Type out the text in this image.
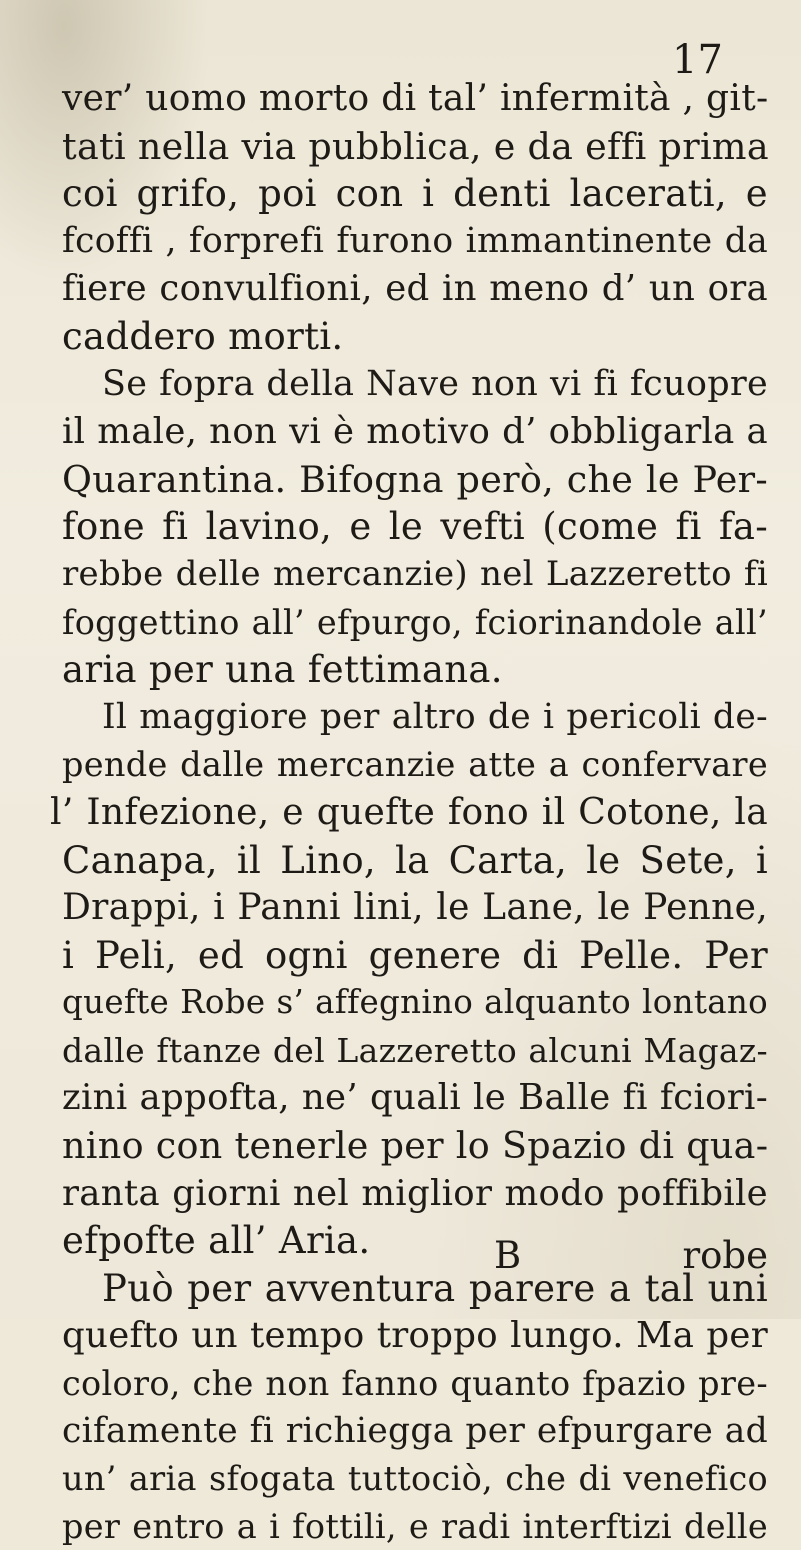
17
ver’ uomo morto di tal’ infermità , git-
tati nella via pubblica, e da effi prima
coi grifo, poi con i denti lacerati, e
fcoffi , forprefi furono immantinente da
fiere convulfioni, ed in meno d’ un ora
caddero morti.
Se fopra della Nave non vi fi fcuopre
il male, non vi è motivo d’ obbligarla a
Quarantina. Bifogna però, che le Per-
fone fi lavino, e le vefti (come fi fa-
rebbe delle mercanzie) nel Lazzeretto fi
foggettino all’ efpurgo, fciorinandole all’
aria per una fettimana.
Il maggiore per altro de i pericoli de-
pende dalle mercanzie atte a confervare
l’ Infezione, e quefte fono il Cotone, la
Canapa, il Lino, la Carta, le Sete, i
Drappi, i Panni lini, le Lane, le Penne,
i Peli, ed ogni genere di Pelle. Per
quefte Robe s’ affegnino alquanto lontano
dalle ftanze del Lazzeretto alcuni Magaz-
zini appofta, ne’ quali le Balle fi fciori-
nino con tenerle per lo Spazio di qua-
ranta giorni nel miglior modo poffibile
efpofte all’ Aria.
Può per avventura parere a tal uni
quefto un tempo troppo lungo. Ma per
coloro, che non fanno quanto fpazio pre-
cifamente fi richiegga per efpurgare ad
un’ aria sfogata tuttociò, che di venefico
per entro a i fottili, e radi interftizi delle
B	robe
